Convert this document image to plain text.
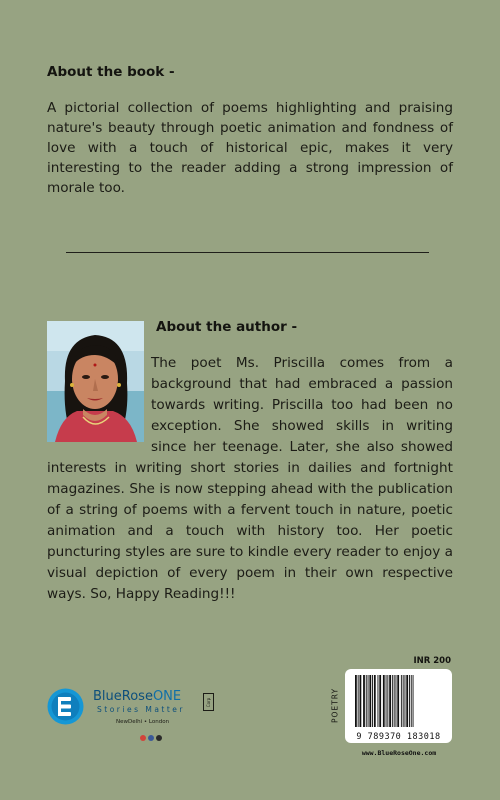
About the book -

A pictorial collection of poems highlighting and praising nature's beauty through poetic animation and fondness of love with a touch of historical epic, makes it very interesting to the reader adding a strong impression of morale too.

About the author -
The poet Ms. Priscilla comes from a background that had embraced a passion towards writing. Priscilla too had been no exception. She showed skills in writing since her teenage. Later, she also showed interests in writing short stories in dailies and fortnight magazines. She is now stepping ahead with the publication of a string of poems with a fervent touch in nature, poetic animation and a touch with history too. Her poetic puncturing styles are sure to kindle every reader to enjoy a visual depiction of every poem in their own respective ways. So, Happy Reading!!!
INR 200
POETRY
9 789370 183018
www.BlueRoseOne.com
BlueRoseONE	Corp
Stories Matter
NewDelhi • London
